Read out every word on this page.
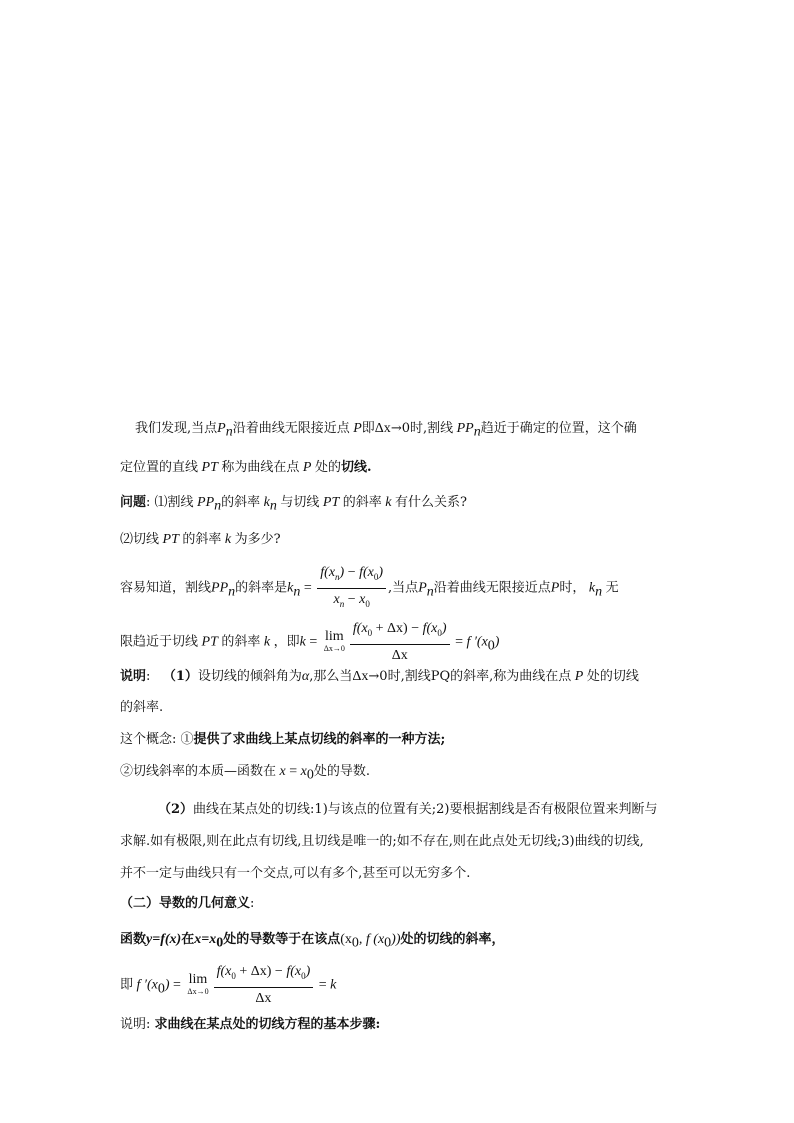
我们发现,当点$P_n$沿着曲线无限接近点 P即Δx→0时,割线 $PP_n$趋近于确定的位置，这个确
定位置的直线 PT 称为曲线在点 P 处的切线.
问题: ⑴割线 $PP_n$的斜率 $k_n$ 与切线 PT 的斜率 k 有什么关系?
⑵切线 PT 的斜率 k 为多少?
容易知道，割线$PP_n$的斜率是$k_n = \frac{f(x_n) - f(x_0)}{x_n - x_0}$ ,当点$P_n$沿着曲线无限接近点P时， $k_n$ 无
限趋近于切线 PT 的斜率 k ，即k = lim
$\Delta x\to 0 \frac{f(x_0 + \Delta x) - f(x_0)}{\Delta x} = f$ $'(x_0)$
说明: （1）设切线的倾斜角为α,那么当Δx→0时,割线PQ的斜率,称为曲线在点 P 处的切线
的斜率.
这个概念: ①提供了求曲线上某点切线的斜率的一种方法;
②切线斜率的本质—函数在 $x = x_0$处的导数.
（2）曲线在某点处的切线:1)与该点的位置有关;2)要根据割线是否有极限位置来判断与
求解.如有极限,则在此点有切线,且切线是唯一的;如不存在,则在此点处无切线;3)曲线的切线,
并不一定与曲线只有一个交点,可以有多个,甚至可以无穷多个.
（二）导数的几何意义:
函数y=f(x)在$x=x_0$处的导数等于在该点($x_0$, f $(x_0)$)处的切线的斜率，
即 f $'(x_0) = \lim$
$\Delta x\to 0 \frac{f(x_0 + \Delta x) - f(x_0)}{\Delta x} = k$
说明: 求曲线在某点处的切线方程的基本步骤:
